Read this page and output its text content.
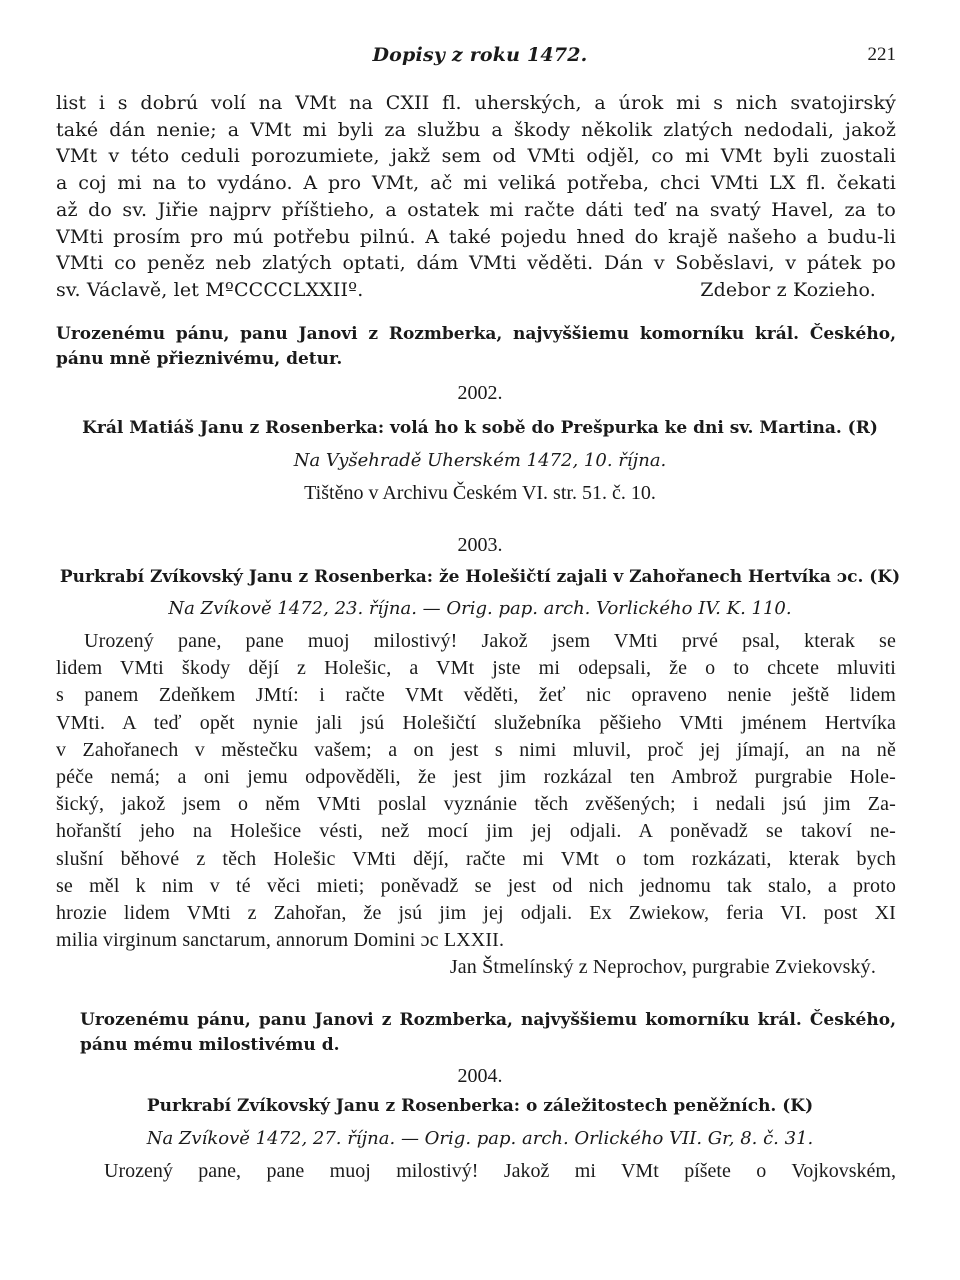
Dopisy z roku 1472.	221
list i s dobrú volí na VMt na CXII fl. uherských, a úrok mi s nich svatojirský
také dán nenie; a VMt mi byli za službu a škody několik zlatých nedodali, jakož
VMt v této ceduli porozumiete, jakž sem od VMti odjěl, co mi VMt byli zuostali
a coj mi na to vydáno. A pro VMt, ač mi veliká potřeba, chci VMti LX fl. čekati
až do sv. Jiřie najprv příštieho, a ostatek mi račte dáti teď na svatý Havel, za to
VMti prosím pro mú potřebu pilnú. A také pojedu hned do krajě našeho a budu-li
VMti co peněz neb zlatých optati, dám VMti věděti. Dán v Soběslavi, v pátek po
sv. Václavě, let MºCCCCLXXIIº.	Zdebor z Kozieho.
Urozenému pánu, panu Janovi z Rozmberka, najvyššiemu komorníku král. Českého,
pánu mně přieznivému, detur.
2002.
Král Matiáš Janu z Rosenberka: volá ho k sobě do Prešpurka ke dni sv. Martina. (R)
Na Vyšehradě Uherském 1472, 10. října.
Tištěno v Archivu Českém VI. str. 51. č. 10.
2003.
Purkrabí Zvíkovský Janu z Rosenberka: že Holešičtí zajali v Zahořanech Hertvíka ɔc. (K)
Na Zvíkově 1472, 23. října. — Orig. pap. arch. Vorlického IV. K. 110.
Urozený pane, pane muoj milostivý! Jakož jsem VMti prvé psal, kterak se
lidem VMti škody dějí z Holešic, a VMt jste mi odepsali, že o to chcete mluviti
s panem Zdeňkem JMtí: i račte VMt věděti, žeť nic opraveno nenie ještě lidem
VMti. A teď opět nynie jali jsú Holešičtí služebníka pěšieho VMti jménem Hertvíka
v Zahořanech v městečku vašem; a on jest s nimi mluvil, proč jej jímají, an na ně
péče nemá; a oni jemu odpověděli, že jest jim rozkázal ten Ambrož purgrabie Hole-
šický, jakož jsem o něm VMti poslal vyznánie těch zvěšených; i nedali jsú jim Za-
hořanští jeho na Holešice vésti, než mocí jim jej odjali. A poněvadž se takoví ne-
slušní běhové z těch Holešic VMti dějí, račte mi VMt o tom rozkázati, kterak bych
se měl k nim v té věci mieti; poněvadž se jest od nich jednomu tak stalo, a proto
hrozie lidem VMti z Zahořan, že jsú jim jej odjali. Ex Zwiekow, feria VI. post XI
milia virginum sanctarum, annorum Domini ɔc LXXII.
Jan Štmelínský z Neprochov, purgrabie Zviekovský.
Urozenému pánu, panu Janovi z Rozmberka, najvyššiemu komorníku král. Českého,
pánu mému milostivému d.
2004.
Purkrabí Zvíkovský Janu z Rosenberka: o záležitostech peněžních. (K)
Na Zvíkově 1472, 27. října. — Orig. pap. arch. Orlického VII. Gr, 8. č. 31.
Urozený pane, pane muoj milostivý! Jakož mi VMt píšete o Vojkovském,
